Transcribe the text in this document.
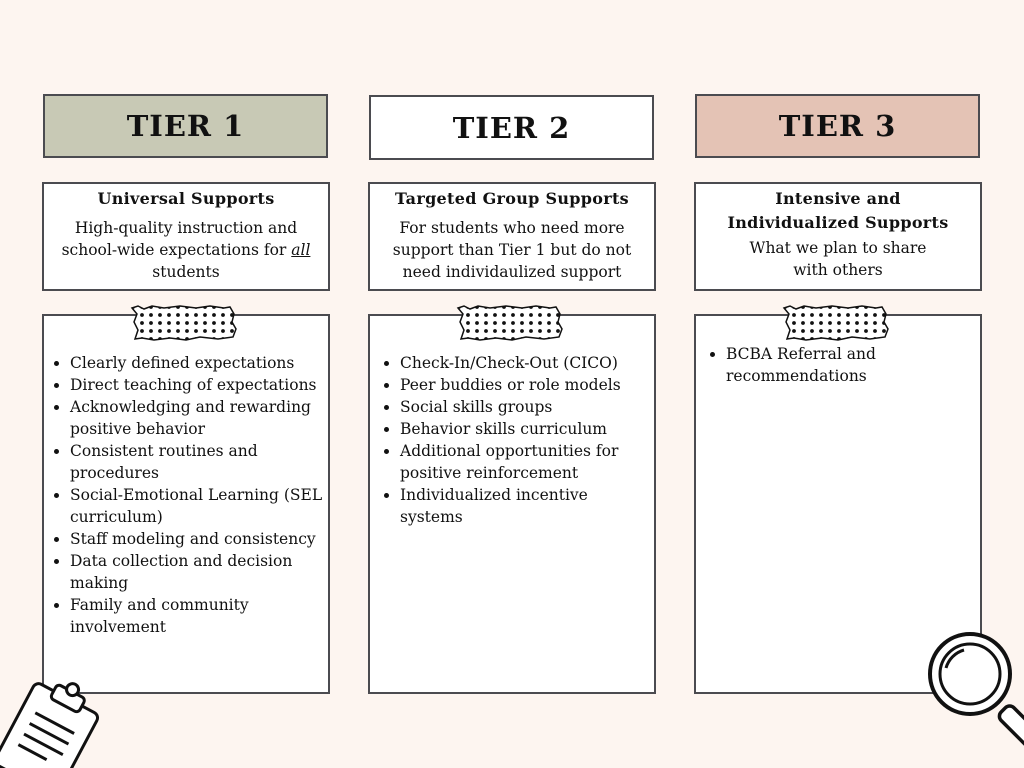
TIER 1
Universal Supports
High-quality instruction and school-wide expectations for all students
• Clearly defined expectations
• Direct teaching of expectations
• Acknowledging and rewarding positive behavior
• Consistent routines and procedures
• Social-Emotional Learning (SEL curriculum)
• Staff modeling and consistency
• Data collection and decision making
• Family and community involvement
TIER 2
Targeted Group Supports
For students who need more support than Tier 1 but do not need individaulized support
• Check-In/Check-Out (CICO)
• Peer buddies or role models
• Social skills groups
• Behavior skills curriculum
• Additional opportunities for positive reinforcement
• Individualized incentive systems
TIER 3
Intensive and Individualized Supports
What we plan to share with others
• BCBA Referral and recommendations
